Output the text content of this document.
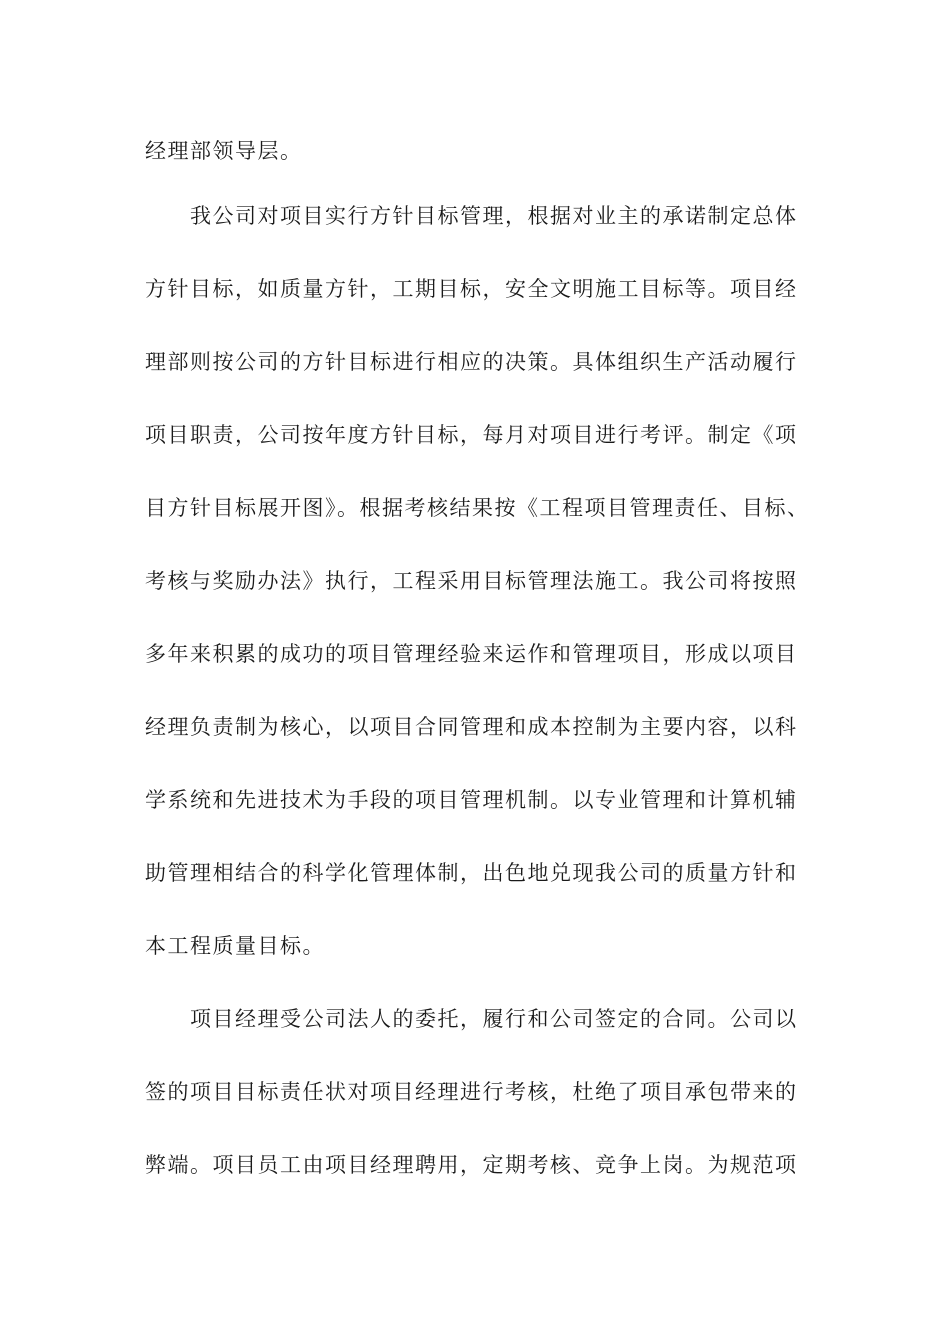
经理部领导层。
我公司对项目实行方针目标管理，根据对业主的承诺制定总体
方针目标，如质量方针，工期目标，安全文明施工目标等。项目经
理部则按公司的方针目标进行相应的决策。具体组织生产活动履行
项目职责，公司按年度方针目标，每月对项目进行考评。制定《项
目方针目标展开图》。根据考核结果按《工程项目管理责任、目标、
考核与奖励办法》执行，工程采用目标管理法施工。我公司将按照
多年来积累的成功的项目管理经验来运作和管理项目，形成以项目
经理负责制为核心，以项目合同管理和成本控制为主要内容，以科
学系统和先进技术为手段的项目管理机制。以专业管理和计算机辅
助管理相结合的科学化管理体制，出色地兑现我公司的质量方针和
本工程质量目标。
项目经理受公司法人的委托，履行和公司签定的合同。公司以
签的项目目标责任状对项目经理进行考核，杜绝了项目承包带来的
弊端。项目员工由项目经理聘用，定期考核、竞争上岗。为规范项
